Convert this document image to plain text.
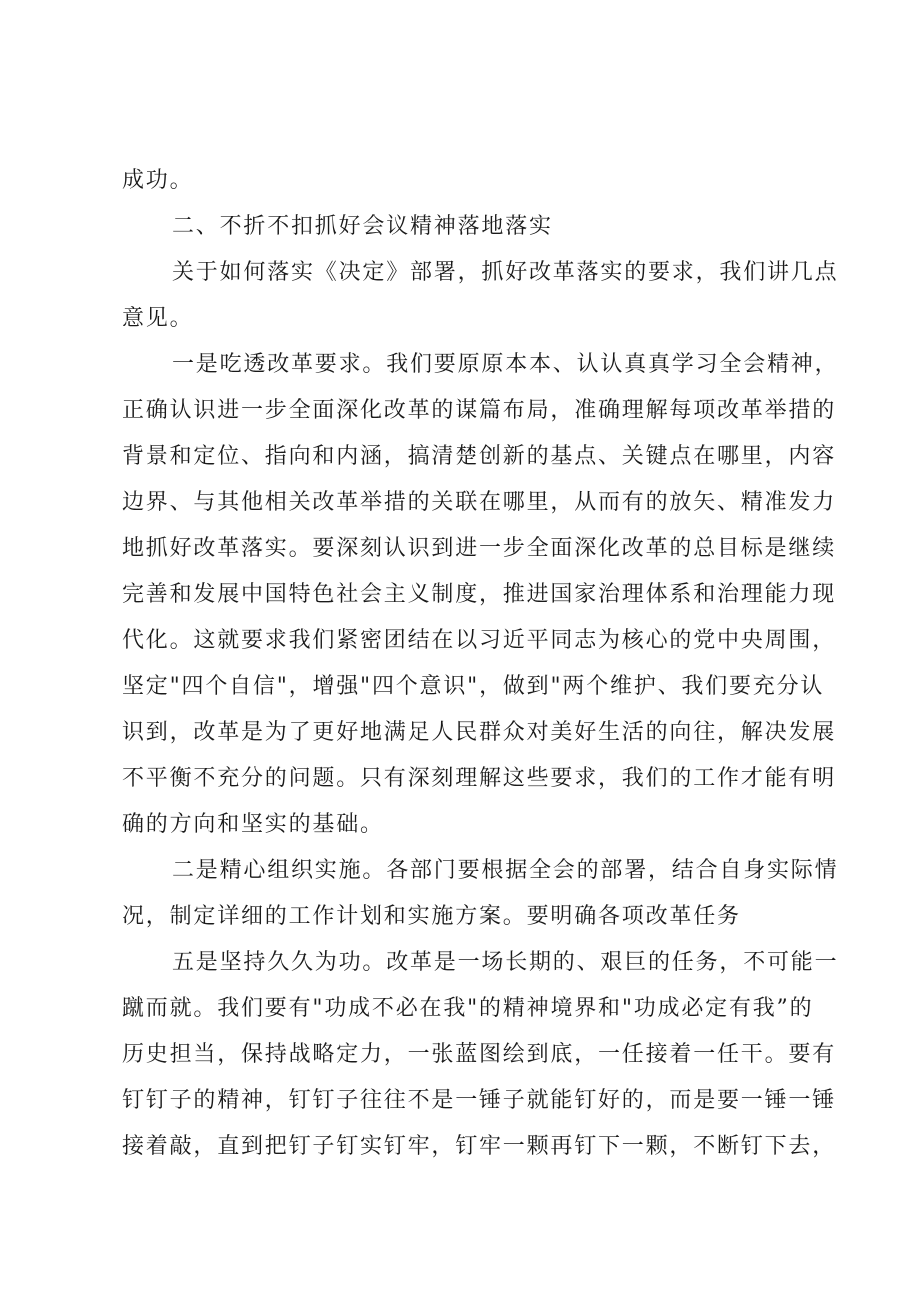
成功。
二、不折不扣抓好会议精神落地落实
关于如何落实《决定》部署，抓好改革落实的要求，我们讲几点
意见。
一是吃透改革要求。我们要原原本本、认认真真学习全会精神，
正确认识进一步全面深化改革的谋篇布局，准确理解每项改革举措的
背景和定位、指向和内涵，搞清楚创新的基点、关键点在哪里，内容
边界、与其他相关改革举措的关联在哪里，从而有的放矢、精准发力
地抓好改革落实。要深刻认识到进一步全面深化改革的总目标是继续
完善和发展中国特色社会主义制度，推进国家治理体系和治理能力现
代化。这就要求我们紧密团结在以习近平同志为核心的党中央周围，
坚定"四个自信"，增强"四个意识"，做到"两个维护、我们要充分认
识到，改革是为了更好地满足人民群众对美好生活的向往，解决发展
不平衡不充分的问题。只有深刻理解这些要求，我们的工作才能有明
确的方向和坚实的基础。
二是精心组织实施。各部门要根据全会的部署，结合自身实际情
况，制定详细的工作计划和实施方案。要明确各项改革任务
五是坚持久久为功。改革是一场长期的、艰巨的任务，不可能一
蹴而就。我们要有"功成不必在我"的精神境界和"功成必定有我”的
历史担当，保持战略定力，一张蓝图绘到底，一任接着一任干。要有
钉钉子的精神，钉钉子往往不是一锤子就能钉好的，而是要一锤一锤
接着敲，直到把钉子钉实钉牢，钉牢一颗再钉下一颗，不断钉下去，
